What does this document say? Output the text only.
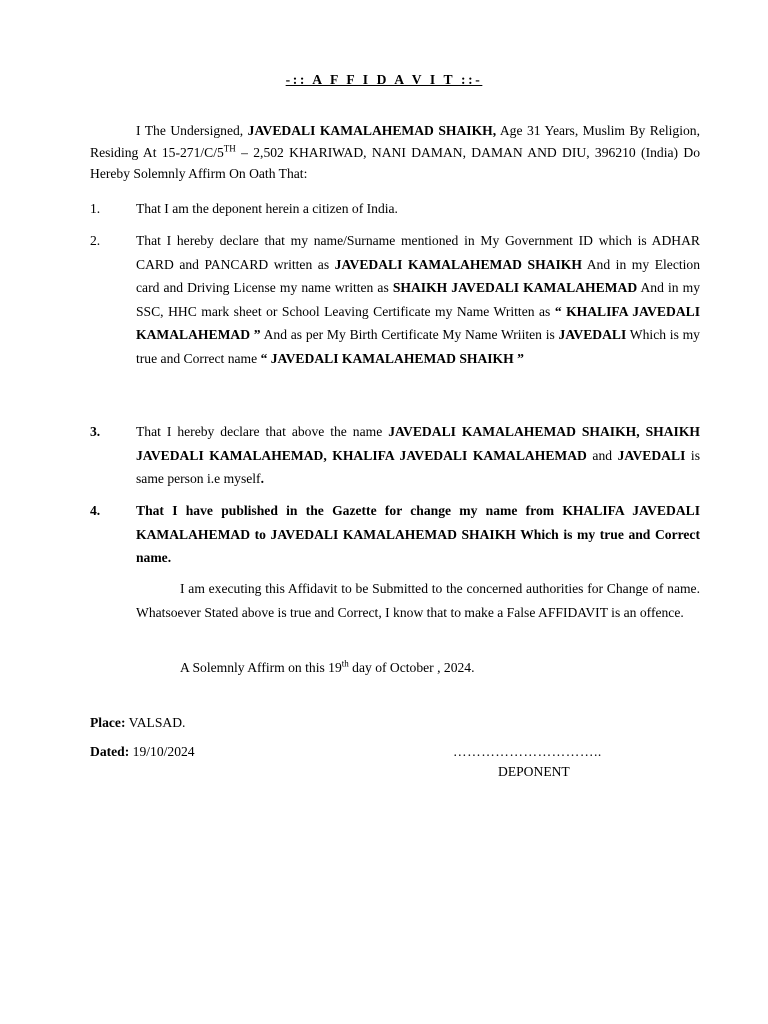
-:: A F F I D A V I T ::-
I The Undersigned, JAVEDALI KAMALAHEMAD SHAIKH, Age 31 Years, Muslim By Religion, Residing At 15-271/C/5TH – 2,502 KHARIWAD, NANI DAMAN, DAMAN AND DIU, 396210 (India) Do Hereby Solemnly Affirm On Oath That:
1.	That I am the deponent herein a citizen of India.
2.	That I hereby declare that my name/Surname mentioned in My Government ID which is ADHAR CARD and PANCARD written as JAVEDALI KAMALAHEMAD SHAIKH And in my Election card and Driving License my name written as SHAIKH JAVEDALI KAMALAHEMAD And in my SSC, HHC mark sheet or School Leaving Certificate my Name Written as “ KHALIFA JAVEDALI KAMALAHEMAD ” And as per My Birth Certificate My Name Wriiten is JAVEDALI Which is my true and Correct name “ JAVEDALI KAMALAHEMAD SHAIKH ”
3.	That I hereby declare that above the name JAVEDALI KAMALAHEMAD SHAIKH, SHAIKH JAVEDALI KAMALAHEMAD, KHALIFA JAVEDALI KAMALAHEMAD and JAVEDALI is same person i.e myself.
4.	That I have published in the Gazette for change my name from KHALIFA JAVEDALI KAMALAHEMAD to JAVEDALI KAMALAHEMAD SHAIKH Which is my true and Correct name.
I am executing this Affidavit to be Submitted to the concerned authorities for Change of name. Whatsoever Stated above is true and Correct, I know that to make a False AFFIDAVIT is an offence.
A Solemnly Affirm on this 19th day of October , 2024.
Place: VALSAD.
Dated: 19/10/2024	…………………………..
DEPONENT
